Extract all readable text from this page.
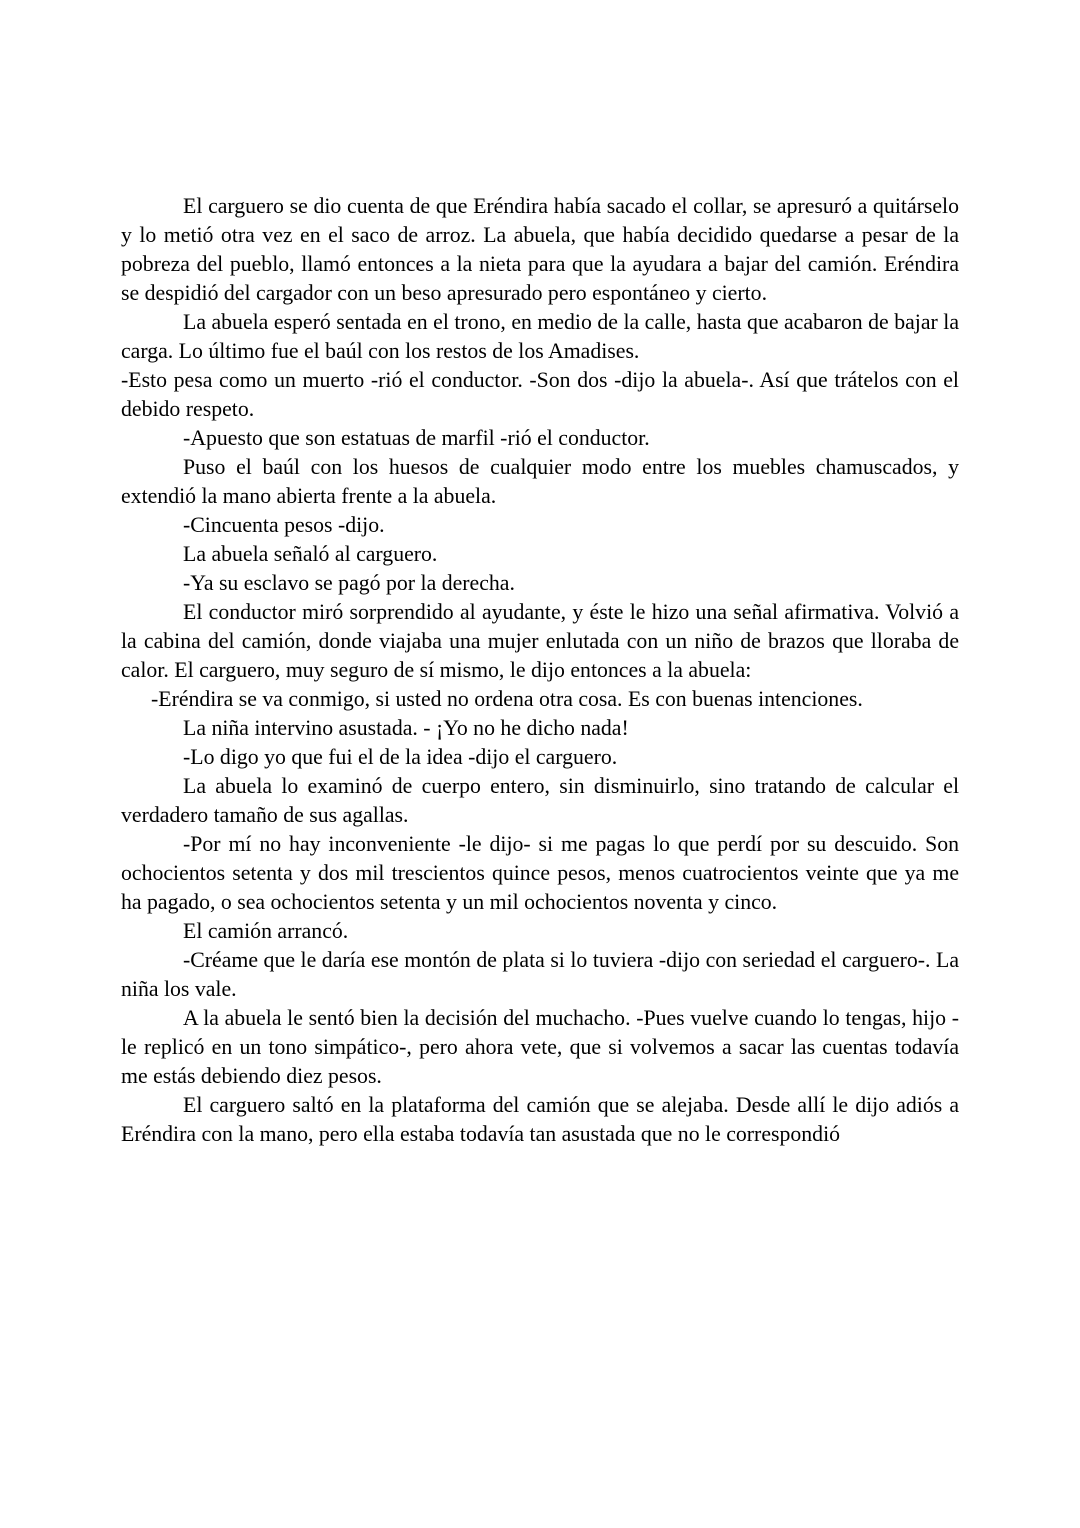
El carguero se dio cuenta de que Eréndira había sacado el collar, se apresuró a quitárselo y lo metió otra vez en el saco de arroz. La abuela, que había decidido quedarse a pesar de la pobreza del pueblo, llamó entonces a la nieta para que la ayudara a bajar del camión. Eréndira se despidió del cargador con un beso apresurado pero espontáneo y cierto.

La abuela esperó sentada en el trono, en medio de la calle, hasta que acabaron de bajar la carga. Lo último fue el baúl con los restos de los Amadises.

-Esto pesa como un muerto -rió el conductor. -Son dos -dijo la abuela-. Así que trátelos con el debido respeto.

-Apuesto que son estatuas de marfil -rió el conductor.

Puso el baúl con los huesos de cualquier modo entre los muebles chamuscados, y extendió la mano abierta frente a la abuela.

-Cincuenta pesos -dijo.

La abuela señaló al carguero.

-Ya su esclavo se pagó por la derecha.

El conductor miró sorprendido al ayudante, y éste le hizo una señal afirmativa. Volvió a la cabina del camión, donde viajaba una mujer enlutada con un niño de brazos que lloraba de calor. El carguero, muy seguro de sí mismo, le dijo entonces a la abuela:

-Eréndira se va conmigo, si usted no ordena otra cosa. Es con buenas intenciones.

La niña intervino asustada. - ¡Yo no he dicho nada!

-Lo digo yo que fui el de la idea -dijo el carguero.

La abuela lo examinó de cuerpo entero, sin disminuirlo, sino tratando de calcular el verdadero tamaño de sus agallas.

-Por mí no hay inconveniente -le dijo- si me pagas lo que perdí por su descuido. Son ochocientos setenta y dos mil trescientos quince pesos, menos cuatrocientos veinte que ya me ha pagado, o sea ochocientos setenta y un mil ochocientos noventa y cinco.

El camión arrancó.

-Créame que le daría ese montón de plata si lo tuviera -dijo con seriedad el carguero-. La niña los vale.

A la abuela le sentó bien la decisión del muchacho. -Pues vuelve cuando lo tengas, hijo -le replicó en un tono simpático-, pero ahora vete, que si volvemos a sacar las cuentas todavía me estás debiendo diez pesos.

El carguero saltó en la plataforma del camión que se alejaba. Desde allí le dijo adiós a Eréndira con la mano, pero ella estaba todavía tan asustada que no le correspondió
